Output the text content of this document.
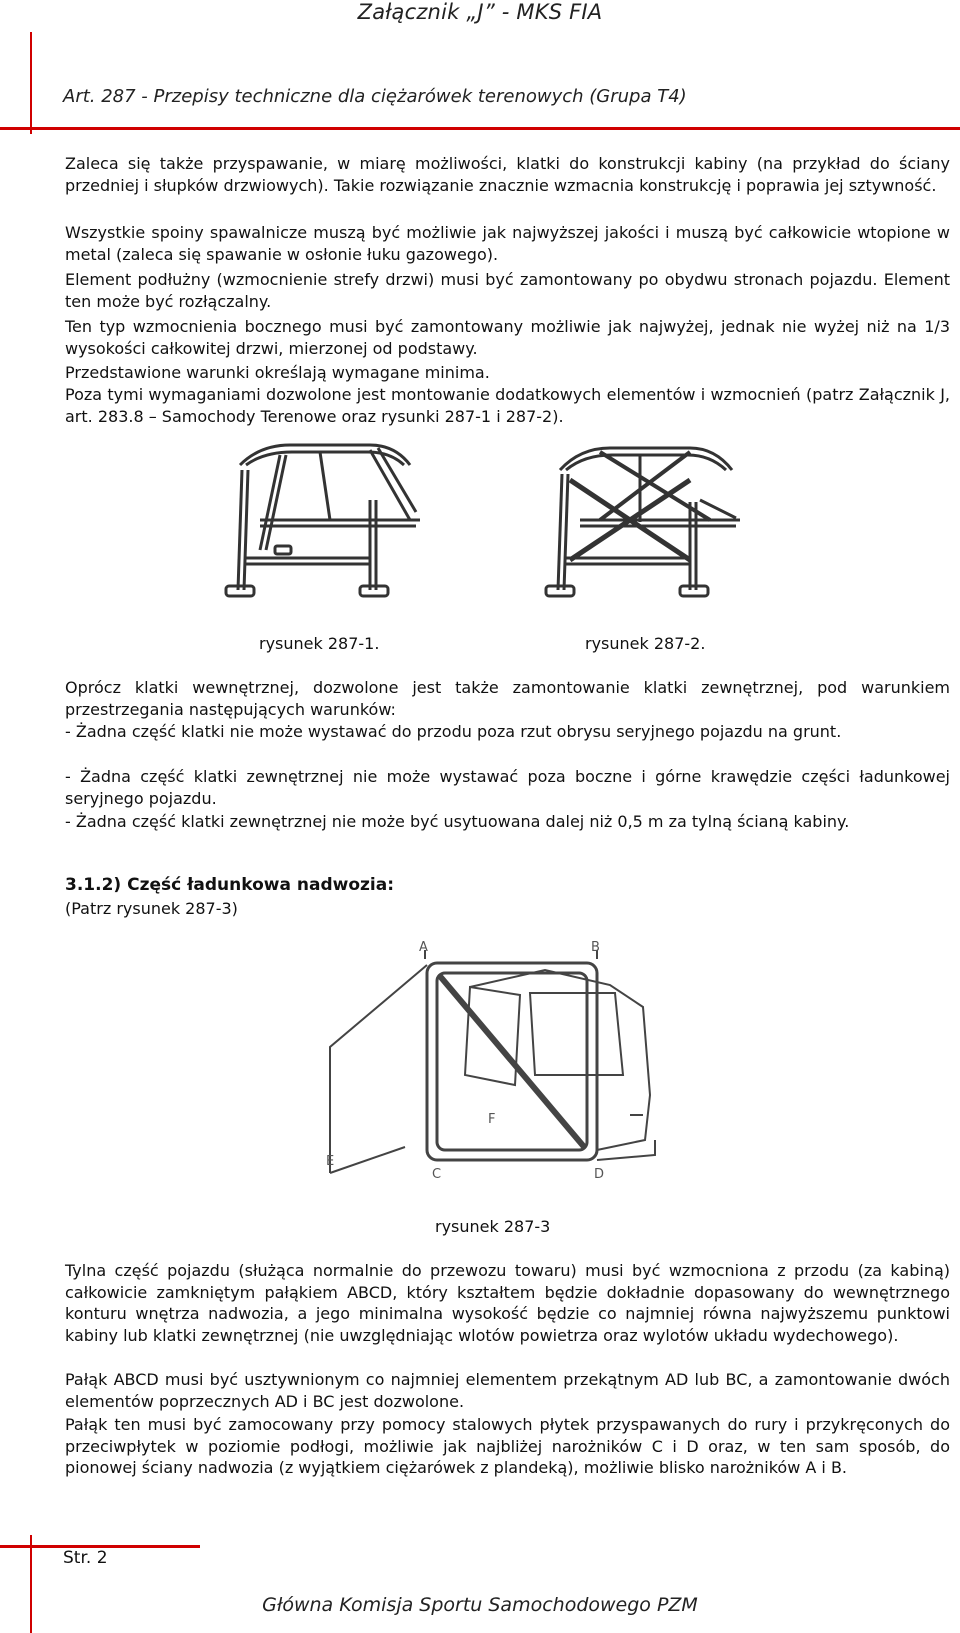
Załącznik „J” - MKS FIA
Art. 287 - Przepisy techniczne dla ciężarówek terenowych (Grupa T4)
Zaleca się także przyspawanie, w miarę możliwości, klatki do konstrukcji kabiny (na przykład do ściany przedniej i słupków drzwiowych). Takie rozwiązanie znacznie wzmacnia konstrukcję i poprawia jej sztywność.
Wszystkie spoiny spawalnicze muszą być możliwie jak najwyższej jakości i muszą być całkowicie wtopione w metal (zaleca się spawanie w osłonie łuku gazowego).
Element podłużny (wzmocnienie strefy drzwi) musi być zamontowany po obydwu stronach pojazdu. Element ten może być rozłączalny.
Ten typ wzmocnienia bocznego musi być zamontowany możliwie jak najwyżej, jednak nie wyżej niż na 1/3 wysokości całkowitej drzwi, mierzonej od podstawy.
Przedstawione warunki określają wymagane minima.
Poza tymi wymaganiami dozwolone jest montowanie dodatkowych elementów i wzmocnień (patrz Załącznik J, art. 283.8 – Samochody Terenowe oraz rysunki 287-1 i 287-2).
rysunek 287-1.	rysunek 287-2.
Oprócz klatki wewnętrznej, dozwolone jest także zamontowanie klatki zewnętrznej, pod warunkiem przestrzegania następujących warunków:
- Żadna część klatki nie może wystawać do przodu poza rzut obrysu seryjnego pojazdu na grunt.
- Żadna część klatki zewnętrznej nie może wystawać poza boczne i górne krawędzie części ładunkowej seryjnego pojazdu.
- Żadna część klatki zewnętrznej nie może być usytuowana dalej niż 0,5 m za tylną ścianą kabiny.
3.1.2) Część ładunkowa nadwozia:
(Patrz rysunek 287-3)
A	B
C	D
E
F
rysunek 287-3
Tylna część pojazdu (służąca normalnie do przewozu towaru) musi być wzmocniona z przodu (za kabiną) całkowicie zamkniętym pałąkiem ABCD, który kształtem będzie dokładnie dopasowany do wewnętrznego konturu wnętrza nadwozia, a jego minimalna wysokość będzie co najmniej równa najwyższemu punktowi kabiny lub klatki zewnętrznej (nie uwzględniając wlotów powietrza oraz wylotów układu wydechowego).
Pałąk ABCD musi być usztywnionym co najmniej elementem przekątnym AD lub BC, a zamontowanie dwóch elementów poprzecznych AD i BC jest dozwolone.
Pałąk ten musi być zamocowany przy pomocy stalowych płytek przyspawanych do rury i przykręconych do przeciwpłytek w poziomie podłogi, możliwie jak najbliżej narożników C i D oraz, w ten sam sposób, do pionowej ściany nadwozia (z wyjątkiem ciężarówek z plandeką), możliwie blisko narożników A i B.
Str. 2
Główna Komisja Sportu Samochodowego PZM
